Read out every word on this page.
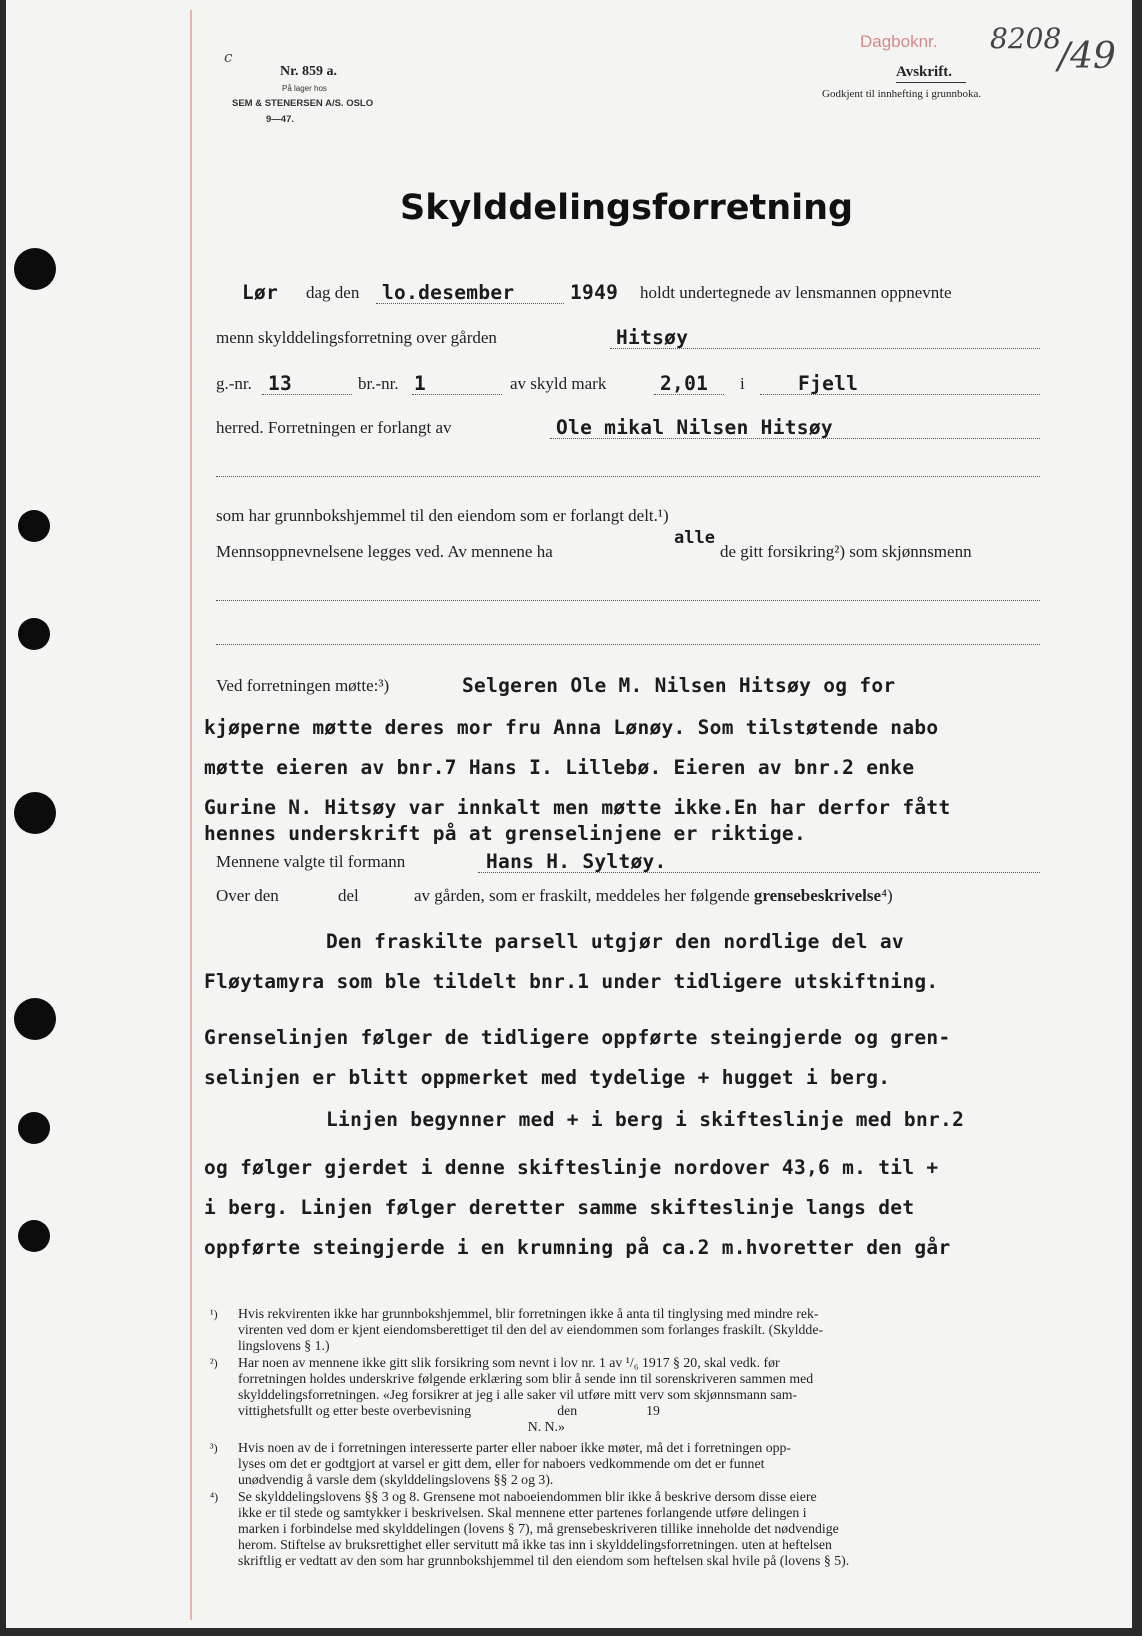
c
Nr. 859 a.
På lager hos
SEM & STENERSEN A/S. OSLO
9—47.
Dagboknr. 8208
/49
Avskrift.
Godkjent til innhefting i grunnboka.
Skylddelingsforretning
Lør dag den lo.desember	1949 holdt undertegnede av lensmannen oppnevnte
menn skylddelingsforretning over gården	Hitsøy
g.-nr. 13	br.-nr. 1	av skyld mark	2,01 i	Fjell
herred. Forretningen er forlangt av	Ole mikal Nilsen Hitsøy
som har grunnbokshjemmel til den eiendom som er forlangt delt.¹)
Mennsoppnevnelsene legges ved. Av mennene ha
alle
de gitt forsikring²) som skjønnsmenn
Ved forretningen møtte:³)	Selgeren Ole M. Nilsen Hitsøy og for
kjøperne møtte deres mor fru Anna Lønøy. Som tilstøtende nabo
møtte eieren av bnr.7 Hans I. Lillebø. Eieren av bnr.2 enke
Gurine N. Hitsøy var innkalt men møtte ikke.En har derfor fått
hennes underskrift på at grenselinjene er riktige.
Mennene valgte til formann	Hans H. Syltøy.
Over den	del	av gården, som er fraskilt, meddeles her følgende grensebeskrivelse⁴)
Den fraskilte parsell utgjør den nordlige del av
Fløytamyra som ble tildelt bnr.1 under tidligere utskiftning.
Grenselinjen følger de tidligere oppførte steingjerde og gren-
selinjen er blitt oppmerket med tydelige + hugget i berg.
Linjen begynner med + i berg i skifteslinje med bnr.2
og følger gjerdet i denne skifteslinje nordover 43,6 m. til +
i berg. Linjen følger deretter samme skifteslinje langs det
oppførte steingjerde i en krumning på ca.2 m.hvoretter den går
¹) Hvis rekvirenten ikke har grunnbokshjemmel, blir forretningen ikke å anta til tinglysing med mindre rek-
virenten ved dom er kjent eiendomsberettiget til den del av eiendommen som forlanges fraskilt. (Skyldde-
lingslovens § 1.)
²) Har noen av mennene ikke gitt slik forsikring som nevnt i lov nr. 1 av ¹/₆ 1917 § 20, skal vedk. før
forretningen holdes underskrive følgende erklæring som blir å sende inn til sorenskriveren sammen med
skylddelingsforretningen. «Jeg forsikrer at jeg i alle saker vil utføre mitt verv som skjønnsmann sam-
vittighetsfullt og etter beste overbevisning                         den                    19
N. N.»
³) Hvis noen av de i forretningen interesserte parter eller naboer ikke møter, må det i forretningen opp-
lyses om det er godtgjort at varsel er gitt dem, eller for naboers vedkommende om det er funnet
unødvendig å varsle dem (skylddelingslovens §§ 2 og 3).
⁴) Se skylddelingslovens §§ 3 og 8. Grensene mot naboeiendommen blir ikke å beskrive dersom disse eiere
ikke er til stede og samtykker i beskrivelsen. Skal mennene etter partenes forlangende utføre delingen i
marken i forbindelse med skylddelingen (lovens § 7), må grensebeskriveren tillike inneholde det nødvendige
herom. Stiftelse av bruksrettighet eller servitutt må ikke tas inn i skylddelingsforretningen. uten at heftelsen
skriftlig er vedtatt av den som har grunnbokshjemmel til den eiendom som heftelsen skal hvile på (lovens § 5).
